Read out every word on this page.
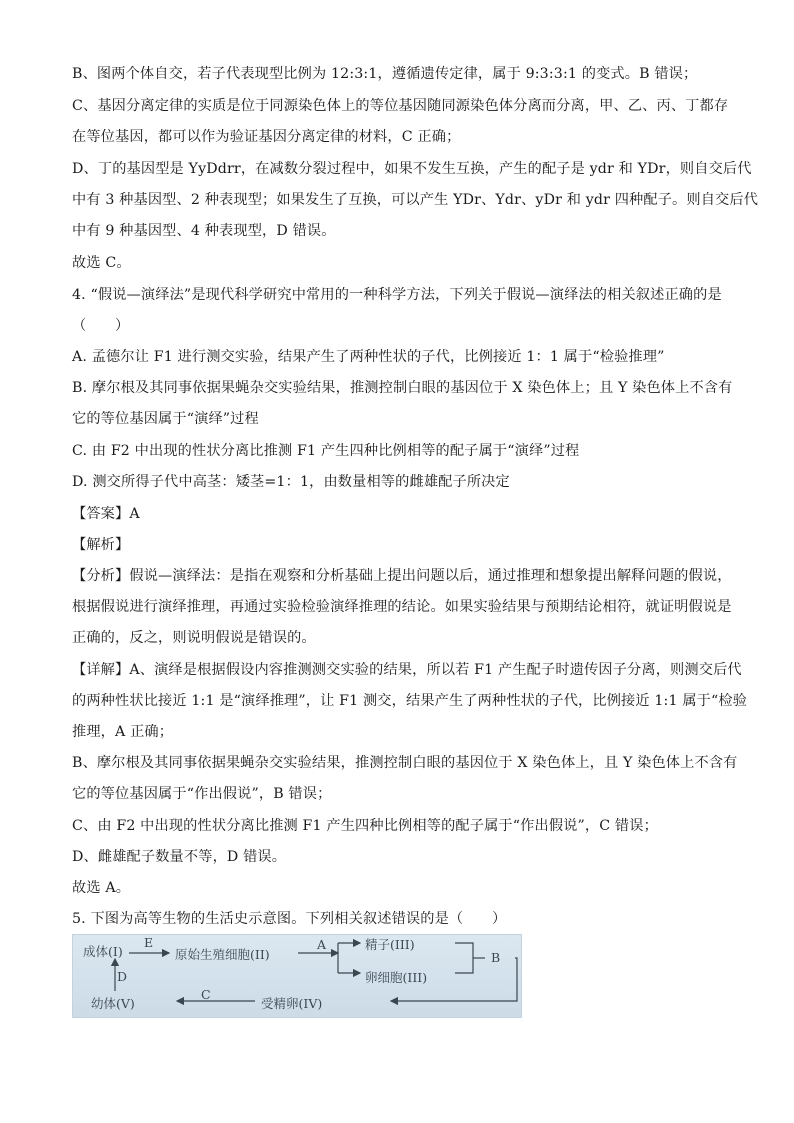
B、图两个体自交，若子代表现型比例为 12:3:1，遵循遗传定律，属于 9:3:3:1 的变式。B 错误；
C、基因分离定律的实质是位于同源染色体上的等位基因随同源染色体分离而分离，甲、乙、丙、丁都存
在等位基因，都可以作为验证基因分离定律的材料，C 正确；
D、丁的基因型是 YyDdrr，在减数分裂过程中，如果不发生互换，产生的配子是 ydr 和 YDr，则自交后代
中有 3 种基因型、2 种表现型；如果发生了互换，可以产生 YDr、Ydr、yDr 和 ydr 四种配子。则自交后代
中有 9 种基因型、4 种表现型，D 错误。
故选 C。
4. “假说—演绎法”是现代科学研究中常用的一种科学方法，下列关于假说—演绎法的相关叙述正确的是
（　　）
A. 孟德尔让 F1 进行测交实验，结果产生了两种性状的子代，比例接近 1：1 属于“检验推理”
B. 摩尔根及其同事依据果蝇杂交实验结果，推测控制白眼的基因位于 X 染色体上；且 Y 染色体上不含有
它的等位基因属于“演绎”过程
C. 由 F2 中出现的性状分离比推测 F1 产生四种比例相等的配子属于“演绎”过程
D. 测交所得子代中高茎：矮茎=1：1，由数量相等的雌雄配子所决定
【答案】A
【解析】
【分析】假说—演绎法：是指在观察和分析基础上提出问题以后，通过推理和想象提出解释问题的假说，
根据假说进行演绎推理，再通过实验检验演绎推理的结论。如果实验结果与预期结论相符，就证明假说是
正确的，反之，则说明假说是错误的。
【详解】A、演绎是根据假设内容推测测交实验的结果，所以若 F1 产生配子时遗传因子分离，则测交后代
的两种性状比接近 1:1 是“演绎推理”，让 F1 测交，结果产生了两种性状的子代，比例接近 1:1 属于“检验
推理，A 正确；
B、摩尔根及其同事依据果蝇杂交实验结果，推测控制白眼的基因位于 X 染色体上，且 Y 染色体上不含有
它的等位基因属于“作出假说”，B 错误；
C、由 F2 中出现的性状分离比推测 F1 产生四种比例相等的配子属于“作出假说”，C 错误；
D、雌雄配子数量不等，D 错误。
故选 A。
5. 下图为高等生物的生活史示意图。下列相关叙述错误的是（　　）
成体(I)	原始生殖细胞(II)
精子(III)
卵细胞(III)
受精卵(IV)
幼体(V)
E	A
B
C
D
